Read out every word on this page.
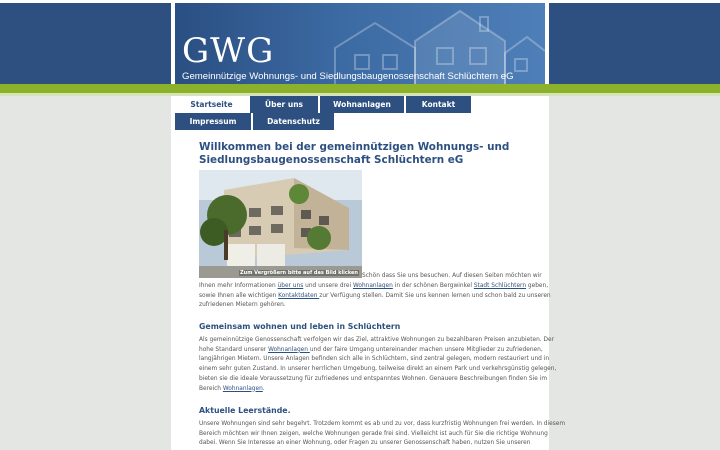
GWG
Gemeinnützige Wohnungs- und Siedlungsbaugenossenschaft Schlüchtern eG
Startseite	Über uns	Wohnanlagen	Kontakt
Impressum	Datenschutz
Willkommen bei der gemeinnützigen Wohnungs- und Siedlungsbaugenossenschaft Schlüchtern eG
Zum Vergrößern bitte auf das Bild klicken Schön dass Sie uns besuchen. Auf diesen Seiten möchten wir

Ihnen mehr Informationen über uns und unsere drei Wohnanlagen in der schönen Bergwinkel Stadt Schlüchtern geben,

sowie Ihnen alle wichtigen Kontaktdaten zur Verfügung stellen. Damit Sie uns kennen lernen und schon bald zu unseren

zufriedenen Mietern gehören.

Gemeinsam wohnen und leben in Schlüchtern

Als gemeinnützige Genossenschaft verfolgen wir das Ziel, attraktive Wohnungen zu bezahlbaren Preisen anzubieten. Der

hohe Standard unserer Wohnanlagen und der faire Umgang untereinander machen unsere Mitglieder zu zufriedenen,

langjährigen Mietern. Unsere Anlagen befinden sich alle in Schlüchtern, sind zentral gelegen, modern restauriert und in

einem sehr guten Zustand. In unserer herrlichen Umgebung, teilweise direkt an einem Park und verkehrsgünstig gelegen,

bieten sie die ideale Voraussetzung für zufriedenes und entspanntes Wohnen. Genauere Beschreibungen finden Sie im

Bereich Wohnanlagen.

Aktuelle Leerstände.

Unsere Wohnungen sind sehr begehrt. Trotzdem kommt es ab und zu vor, dass kurzfristig Wohnungen frei werden. In diesem

Bereich möchten wir Ihnen zeigen, welche Wohnungen gerade frei sind. Vielleicht ist auch für Sie die richtige Wohnung

dabei. Wenn Sie Interesse an einer Wohnung, oder Fragen zu unserer Genossenschaft haben, nutzen Sie unseren
